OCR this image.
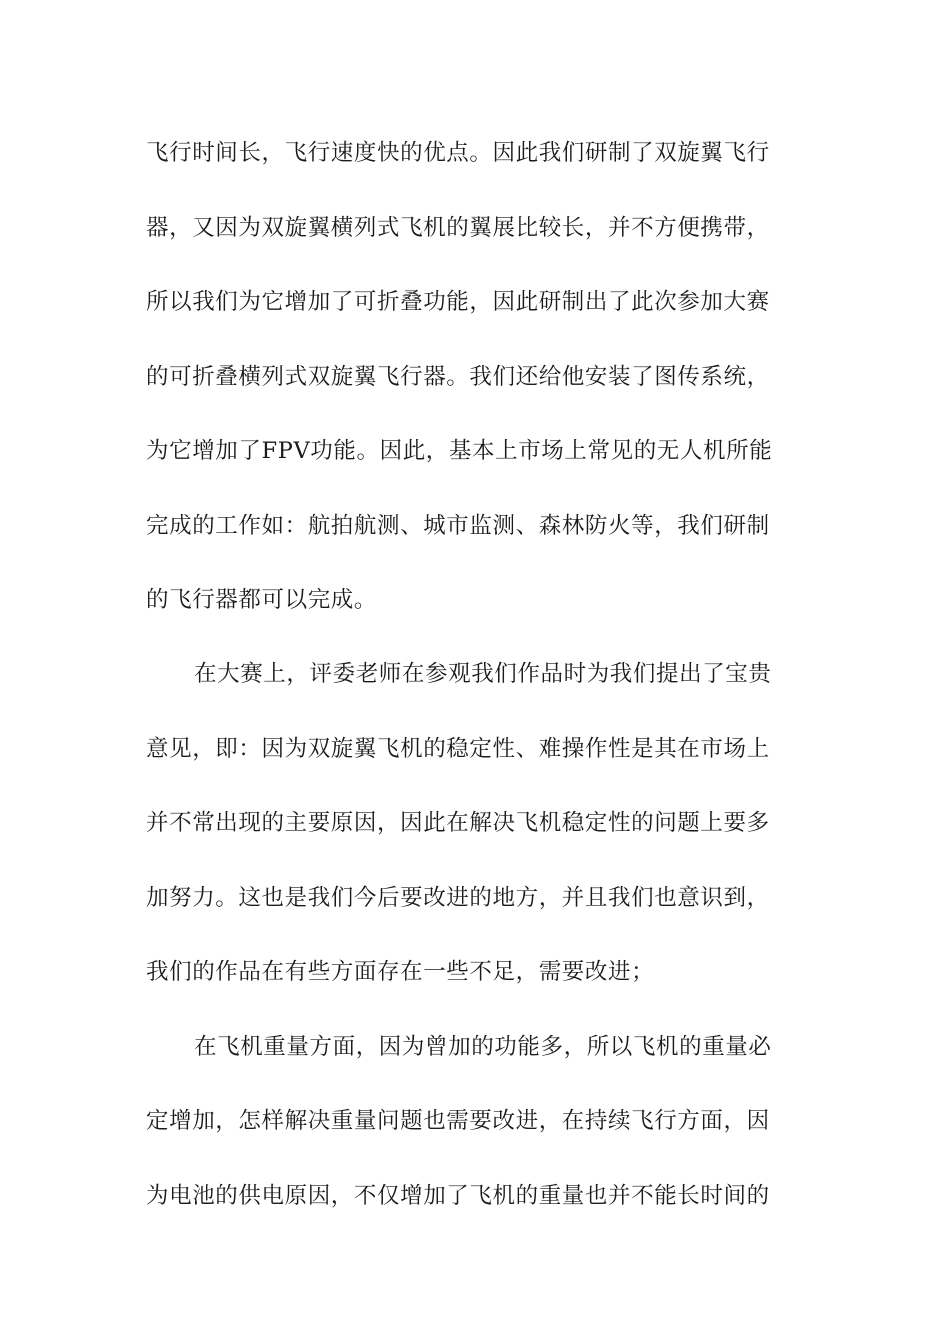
飞行时间长，飞行速度快的优点。因此我们研制了双旋翼飞行
器，又因为双旋翼横列式飞机的翼展比较长，并不方便携带，
所以我们为它增加了可折叠功能，因此研制出了此次参加大赛
的可折叠横列式双旋翼飞行器。我们还给他安装了图传系统，
为它增加了FPV功能。因此，基本上市场上常见的无人机所能
完成的工作如：航拍航测、城市监测、森林防火等，我们研制
的飞行器都可以完成。
在大赛上，评委老师在参观我们作品时为我们提出了宝贵
意见，即：因为双旋翼飞机的稳定性、难操作性是其在市场上
并不常出现的主要原因，因此在解决飞机稳定性的问题上要多
加努力。这也是我们今后要改进的地方，并且我们也意识到，
我们的作品在有些方面存在一些不足，需要改进；
在飞机重量方面，因为曾加的功能多，所以飞机的重量必
定增加，怎样解决重量问题也需要改进，在持续飞行方面，因
为电池的供电原因，不仅增加了飞机的重量也并不能长时间的
